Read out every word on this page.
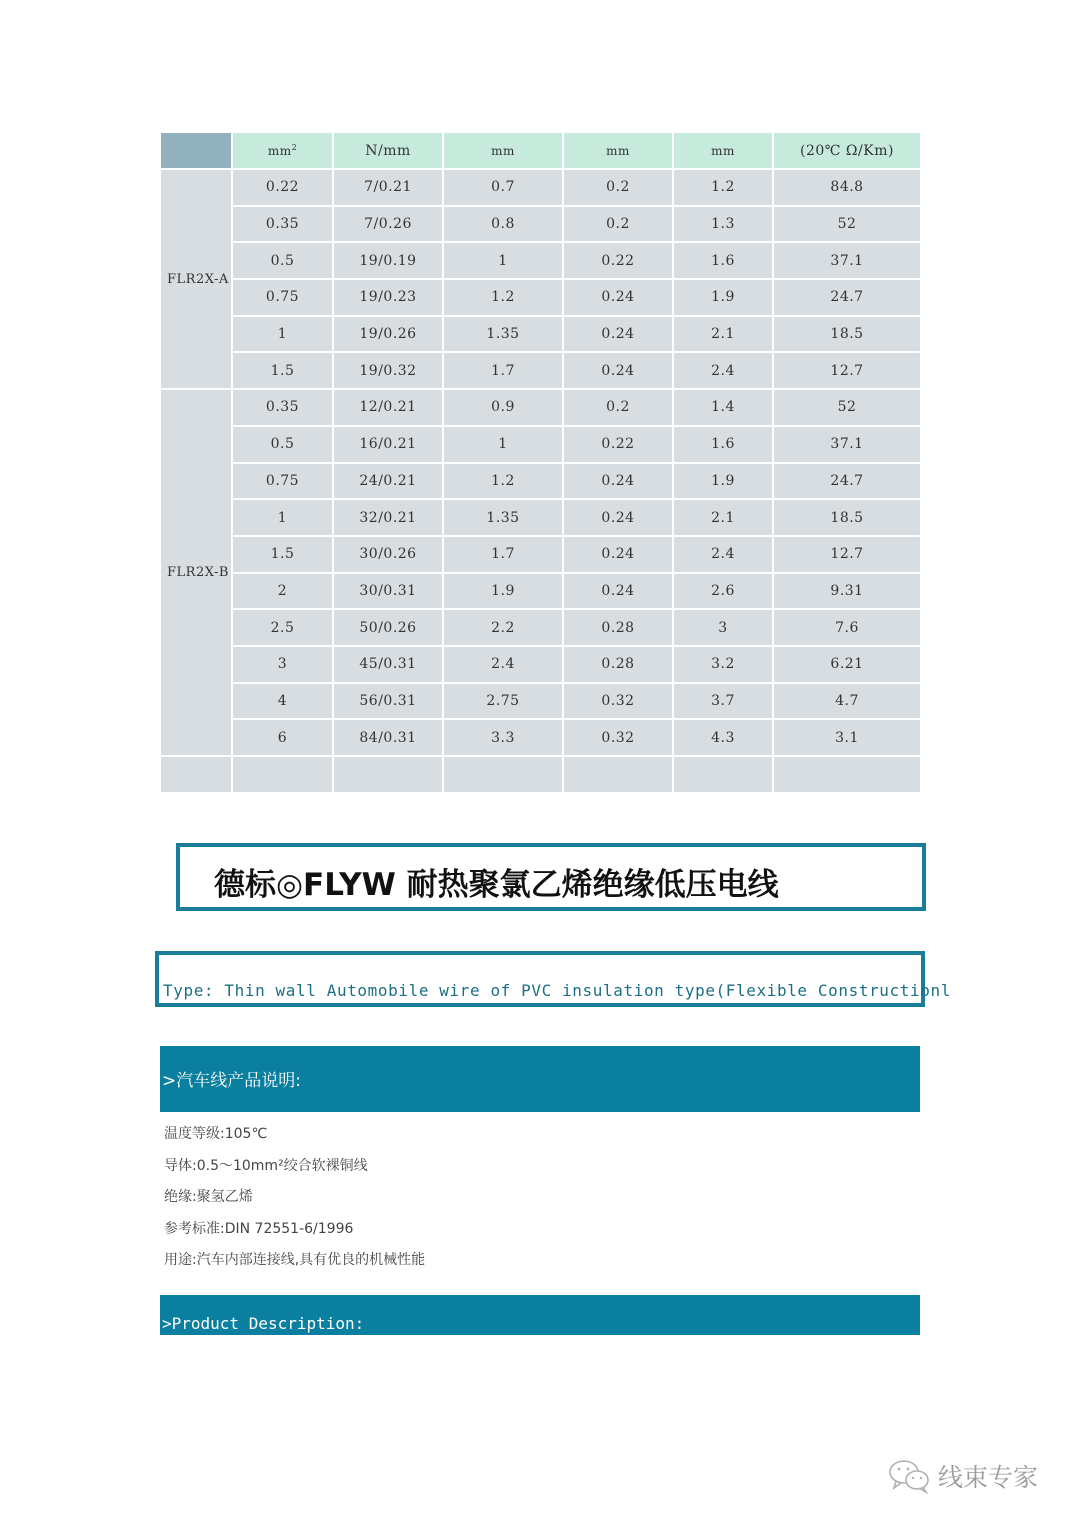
	$mm^2$	N/mm	mm	mm	mm	(20℃ Ω/Km)
FLR2X-A	0.22	7/0.21	0.7	0.2	1.2	84.8
	0.35	7/0.26	0.8	0.2	1.3	52
	0.5	19/0.19	1	0.22	1.6	37.1
	0.75	19/0.23	1.2	0.24	1.9	24.7
	1	19/0.26	1.35	0.24	2.1	18.5
	1.5	19/0.32	1.7	0.24	2.4	12.7
FLR2X-B	0.35	12/0.21	0.9	0.2	1.4	52
	0.5	16/0.21	1	0.22	1.6	37.1
	0.75	24/0.21	1.2	0.24	1.9	24.7
	1	32/0.21	1.35	0.24	2.1	18.5
	1.5	30/0.26	1.7	0.24	2.4	12.7
	2	30/0.31	1.9	0.24	2.6	9.31
	2.5	50/0.26	2.2	0.28	3	7.6
	3	45/0.31	2.4	0.28	3.2	6.21
	4	56/0.31	2.75	0.32	3.7	4.7
	6	84/0.31	3.3	0.32	4.3	3.1

德标◎FLYW 耐热聚氯乙烯绝缘低压电线
Type: Thin wall Automobile wire of PVC insulation type(Flexible Constructionl
>汽车线产品说明:
温度等级:105℃
导体:0.5～10mm²绞合软裸铜线
绝缘:聚氢乙烯
参考标准:DIN 72551-6/1996
用途:汽车内部连接线,具有优良的机械性能
>Product Description:
线束专家
